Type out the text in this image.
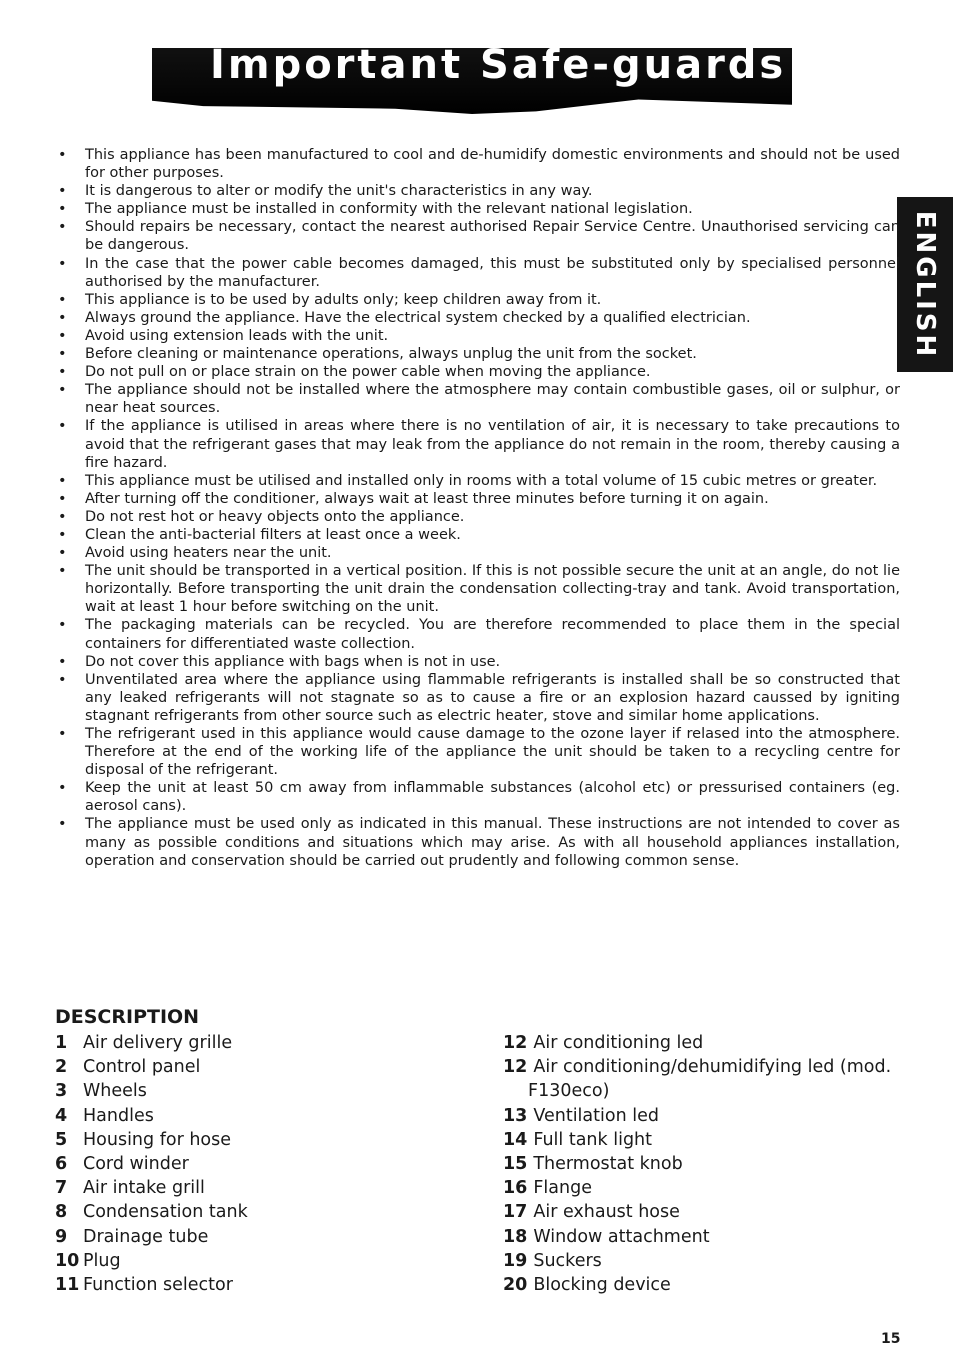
Important Safe-guards
ENGLISH
• This appliance has been manufactured to cool and de-humidify domestic environments and should not be used for other purposes.
• It is dangerous to alter or modify the unit's characteristics in any way.
• The appliance must be installed in conformity with the relevant national legislation.
• Should repairs be necessary, contact the nearest authorised Repair Service Centre. Unauthorised servicing can be dangerous.
• In the case that the power cable becomes damaged, this must be substituted only by specialised personnel authorised by the manufacturer.
• This appliance is to be used by adults only; keep children away from it.
• Always ground the appliance. Have the electrical system checked by a qualified electrician.
• Avoid using extension leads with the unit.
• Before cleaning or maintenance operations, always unplug the unit from the socket.
• Do not pull on or place strain on the power cable when moving the appliance.
• The appliance should not be installed where the atmosphere may contain combustible gases, oil or sulphur, or near heat sources.
• If the appliance is utilised in areas where there is no ventilation of air, it is necessary to take precautions to avoid that the refrigerant gases that may leak from the appliance do not remain in the room, thereby causing a fire hazard.
• This appliance must be utilised and installed only in rooms with a total volume of 15 cubic metres or greater.
• After turning off the conditioner, always wait at least three minutes before turning it on again.
• Do not rest hot or heavy objects onto the appliance.
• Clean the anti-bacterial filters at least once a week.
• Avoid using heaters near the unit.
• The unit should be transported in a vertical position. If this is not possible secure the unit at an angle, do not lie horizontally. Before transporting the unit drain the condensation collecting-tray and tank. Avoid transportation, wait at least 1 hour before switching on the unit.
• The packaging materials can be recycled. You are therefore recommended to place them in the special containers for differentiated waste collection.
• Do not cover this appliance with bags when is not in use.
• Unventilated area where the appliance using flammable refrigerants is installed shall be so constructed that any leaked refrigerants will not stagnate so as to cause a fire or an explosion hazard caussed by igniting stagnant refrigerants from other source such as electric heater, stove and similar home applications.
• The refrigerant used in this appliance would cause damage to the ozone layer if relased into the atmosphere. Therefore at the end of the working life of the appliance the unit should be taken to a recycling centre for disposal of the refrigerant.
• Keep the unit at least 50 cm away from inflammable substances (alcohol etc) or pressurised containers (eg. aerosol cans).
• The appliance must be used only as indicated in this manual. These instructions are not intended to cover as many as possible conditions and situations which may arise. As with all household appliances installation, operation and conservation should be carried out prudently and following common sense.
DESCRIPTION
1 Air delivery grille
2 Control panel
3 Wheels
4 Handles
5 Housing for hose
6 Cord winder
7 Air intake grill
8 Condensation tank
9 Drainage tube
10 Plug
11 Function selector
12 Air conditioning led
12 Air conditioning/dehumidifying led (mod.
F130eco)
13 Ventilation led
14 Full tank light
15 Thermostat knob
16 Flange
17 Air exhaust hose
18 Window attachment
19 Suckers
20 Blocking device
15
